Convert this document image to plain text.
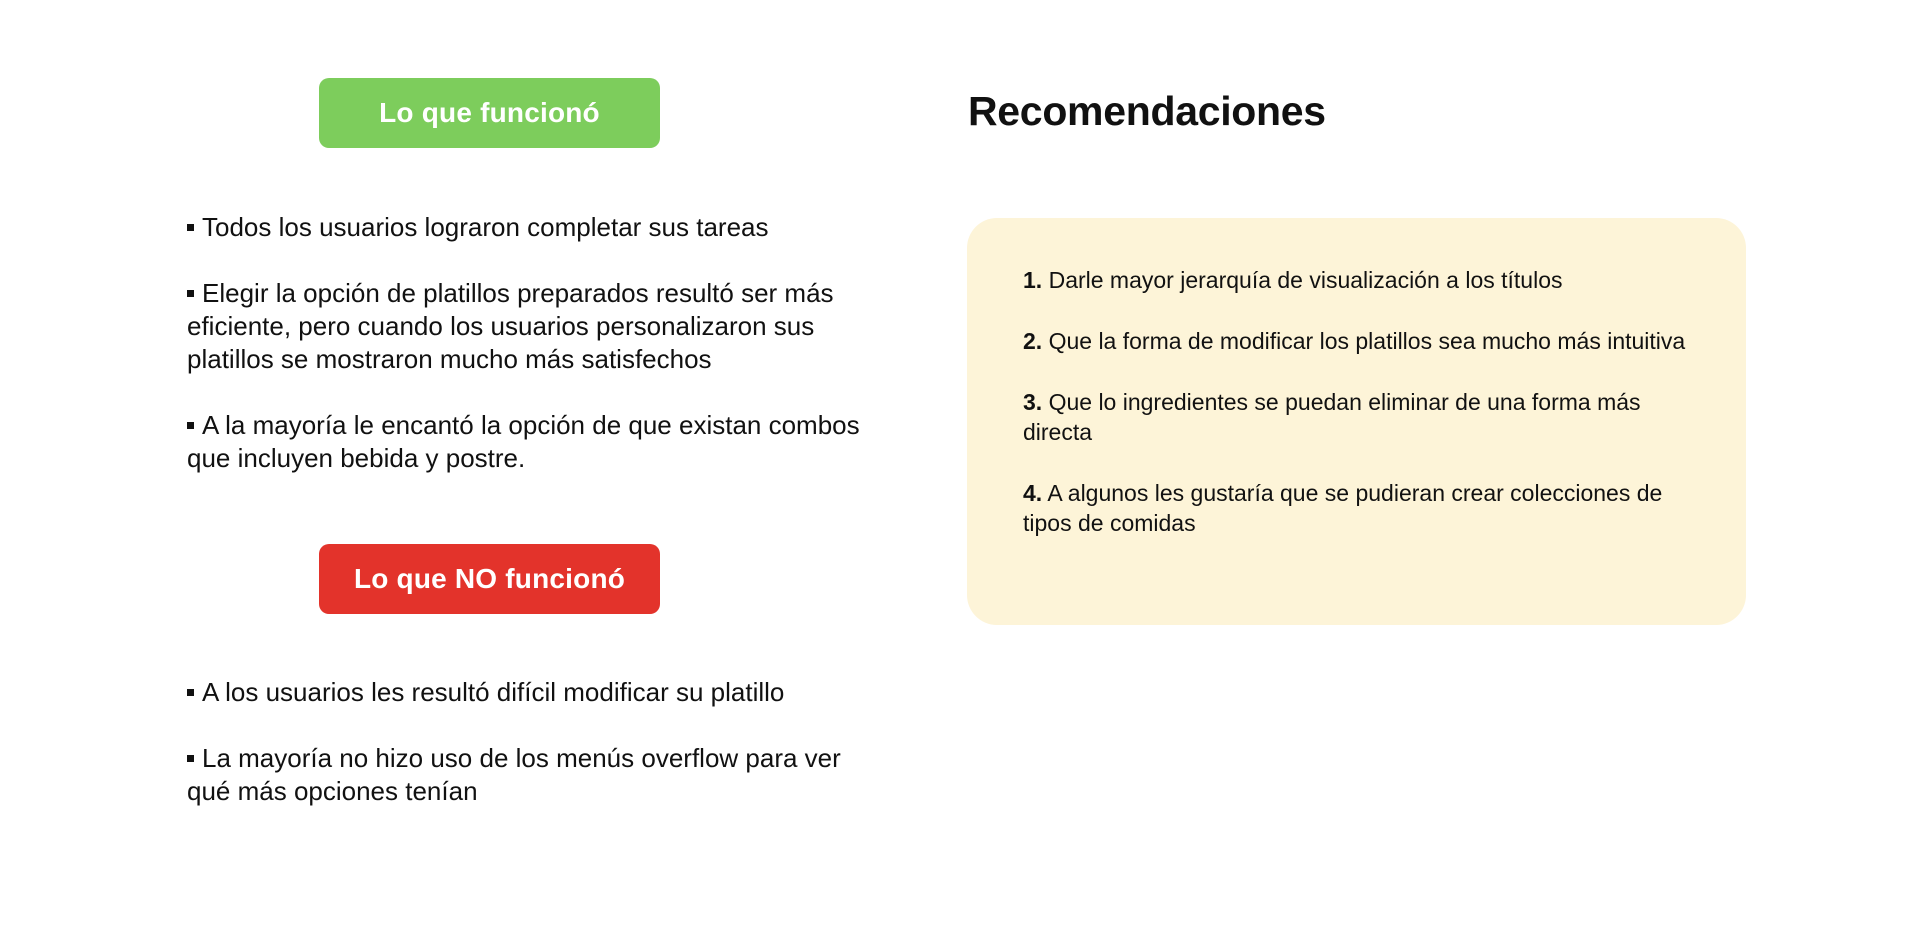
Lo que funcionó
Todos los usuarios lograron completar sus tareas
Elegir la opción de platillos preparados resultó ser más eficiente, pero cuando los usuarios personalizaron sus platillos se mostraron mucho más satisfechos
A la mayoría le encantó la opción de que existan combos que incluyen bebida y postre.
Lo que NO funcionó
A los usuarios les resultó difícil modificar su platillo
La mayoría no hizo uso de los menús overflow para ver qué más opciones tenían
Recomendaciones
1. Darle mayor jerarquía de visualización a los títulos
2. Que la forma de modificar los platillos sea mucho más intuitiva
3. Que lo ingredientes se puedan eliminar de una forma más directa
4. A algunos les gustaría que se pudieran crear colecciones de tipos de comidas
